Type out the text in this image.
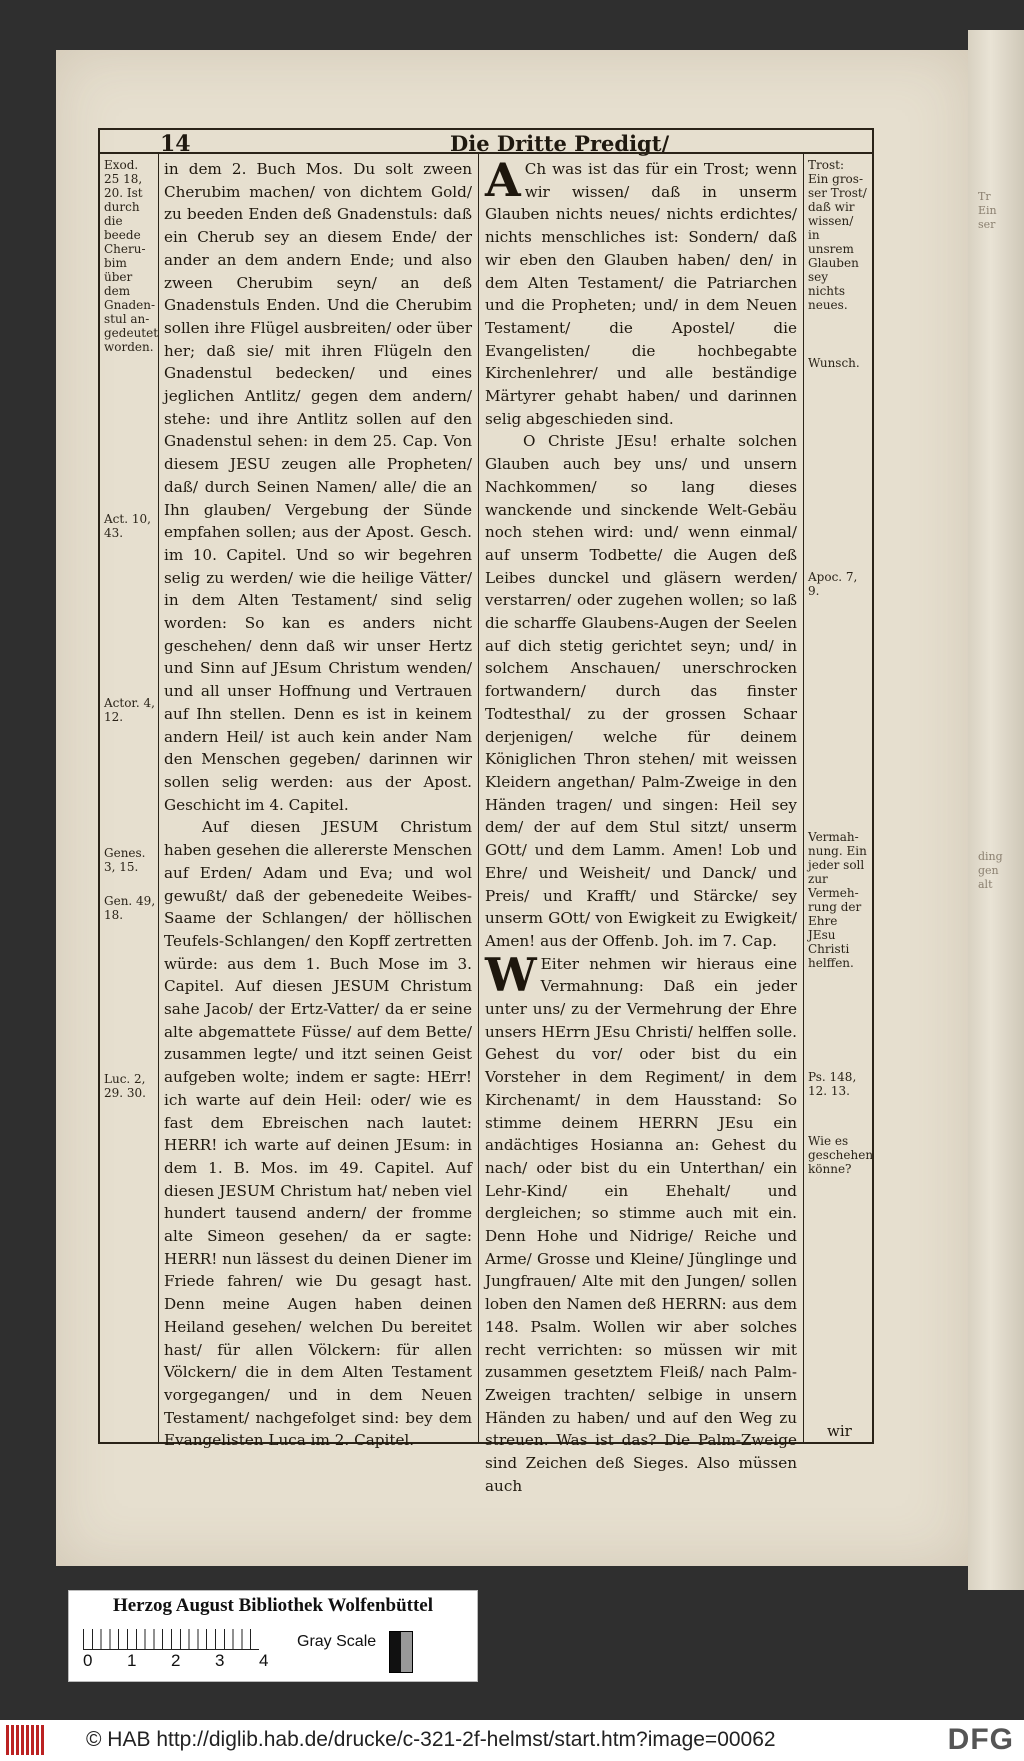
Tr
Ein
ser
ding
gen
alt

14	Die Dritte Predigt/

Exod. 25 18, 20. Ist durch die beede Cheru- bim über dem Gnaden- stul an- gedeutet worden.

Act. 10, 43.

Actor. 4, 12.

Genes. 3, 15.

Gen. 49, 18.

Luc. 2, 29. 30.

in dem 2. Buch Mos. Du solt zween Cherubim machen/ von dichtem Gold/ zu beeden Enden deß Gnadenstuls: daß ein Cherub sey an diesem Ende/ der ander an dem andern Ende; und also zween Cherubim seyn/ an deß Gnadenstuls Enden. Und die Cherubim sollen ihre Flügel ausbreiten/ oder über her; daß sie/ mit ihren Flügeln den Gnadenstul bedecken/ und eines jeglichen Antlitz/ gegen dem andern/ stehe: und ihre Antlitz sollen auf den Gnadenstul sehen: in dem 25. Cap. Von diesem JESU zeugen alle Propheten/ daß/ durch Seinen Namen/ alle/ die an Ihn glauben/ Vergebung der Sünde empfahen sollen; aus der Apost. Gesch. im 10. Capitel. Und so wir begehren selig zu werden/ wie die heilige Vätter/ in dem Alten Testament/ sind selig worden: So kan es anders nicht geschehen/ denn daß wir unser Hertz und Sinn auf JEsum Christum wenden/ und all unser Hoffnung und Vertrauen auf Ihn stellen. Denn es ist in keinem andern Heil/ ist auch kein ander Nam den Menschen gegeben/ darinnen wir sollen selig werden: aus der Apost. Geschicht im 4. Capitel.

Auf diesen JESUM Christum haben gesehen die allererste Menschen auf Erden/ Adam und Eva; und wol gewußt/ daß der gebenedeite Weibes-Saame der Schlangen/ der höllischen Teufels-Schlangen/ den Kopff zertretten würde: aus dem 1. Buch Mose im 3. Capitel. Auf diesen JESUM Christum sahe Jacob/ der Ertz-Vatter/ da er seine alte abgemattete Füsse/ auf dem Bette/ zusammen legte/ und itzt seinen Geist aufgeben wolte; indem er sagte: HErr! ich warte auf dein Heil: oder/ wie es fast dem Ebreischen nach lautet: HERR! ich warte auf deinen JEsum: in dem 1. B. Mos. im 49. Capitel. Auf diesen JESUM Christum hat/ neben viel hundert tausend andern/ der fromme alte Simeon gesehen/ da er sagte: HERR! nun lässest du deinen Diener im Friede fahren/ wie Du gesagt hast. Denn meine Augen haben deinen Heiland gesehen/ welchen Du bereitet hast/ für allen Völckern: für allen Völckern/ die in dem Alten Testament vorgegangen/ und in dem Neuen Testament/ nachgefolget sind: bey dem Evangelisten Luca im 2. Capitel.

A Ch was ist das für ein Trost; wenn wir wissen/ daß in unserm Glauben nichts neues/ nichts erdichtes/ nichts menschliches ist: Sondern/ daß wir eben den Glauben haben/ den/ in dem Alten Testament/ die Patriarchen und die Propheten; und/ in dem Neuen Testament/ die Apostel/ die Evangelisten/ die hochbegabte Kirchenlehrer/ und alle beständige Märtyrer gehabt haben/ und darinnen selig abgeschieden sind.

O Christe JEsu! erhalte solchen Glauben auch bey uns/ und unsern Nachkommen/ so lang dieses wanckende und sinckende Welt-Gebäu noch stehen wird: und/ wenn einmal/ auf unserm Todbette/ die Augen deß Leibes dunckel und gläsern werden/ verstarren/ oder zugehen wollen; so laß die scharffe Glaubens-Augen der Seelen auf dich stetig gerichtet seyn; und/ in solchem Anschauen/ unerschrocken fortwandern/ durch das finster Todtesthal/ zu der grossen Schaar derjenigen/ welche für deinem Königlichen Thron stehen/ mit weissen Kleidern angethan/ Palm-Zweige in den Händen tragen/ und singen: Heil sey dem/ der auf dem Stul sitzt/ unserm GOtt/ und dem Lamm. Amen! Lob und Ehre/ und Weisheit/ und Danck/ und Preis/ und Krafft/ und Stärcke/ sey unserm GOtt/ von Ewigkeit zu Ewigkeit/ Amen! aus der Offenb. Joh. im 7. Cap.

W Eiter nehmen wir hieraus eine Vermahnung: Daß ein jeder unter uns/ zu der Vermehrung der Ehre unsers HErrn JEsu Christi/ helffen solle. Gehest du vor/ oder bist du ein Vorsteher in dem Regiment/ in dem Kirchenamt/ in dem Hausstand: So stimme deinem HERRN JEsu ein andächtiges Hosianna an: Gehest du nach/ oder bist du ein Unterthan/ ein Lehr-Kind/ ein Ehehalt/ und dergleichen; so stimme auch mit ein. Denn Hohe und Nidrige/ Reiche und Arme/ Grosse und Kleine/ Jünglinge und Jungfrauen/ Alte mit den Jungen/ sollen loben den Namen deß HERRN: aus dem 148. Psalm. Wollen wir aber solches recht verrichten: so müssen wir mit zusammen gesetztem Fleiß/ nach Palm-Zweigen trachten/ selbige in unsern Händen zu haben/ und auf den Weg zu streuen. Was ist das? Die Palm-Zweige sind Zeichen deß Sieges. Also müssen auch

Trost: Ein gros- ser Trost/ daß wir wissen/ in unsrem Glauben sey nichts neues.

Wunsch.

Apoc. 7, 9.

Vermah- nung. Ein jeder soll zur Vermeh- rung der Ehre JEsu Christi helffen.

Ps. 148, 12. 13.

Wie es geschehen könne?

wir

Herzog August Bibliothek Wolfenbüttel

0 1 2 3 4

Gray Scale

© HAB http://diglib.hab.de/drucke/c-321-2f-helmst/start.htm?image=00062	DFG
